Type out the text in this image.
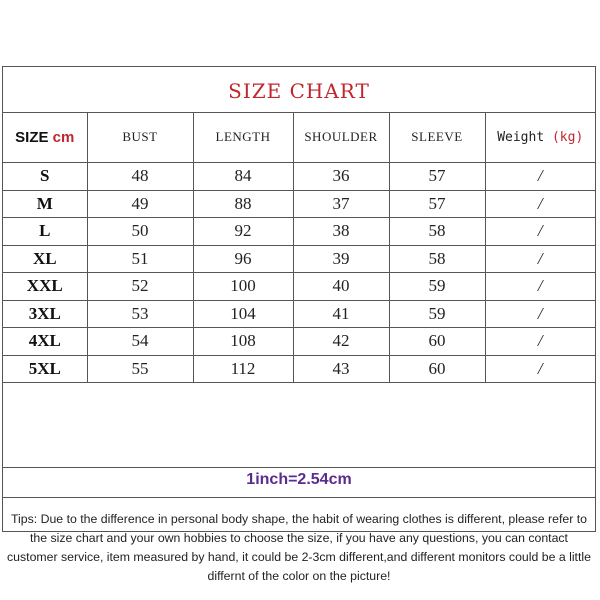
SIZE CHART
SIZE cm	BUST	LENGTH	SHOULDER	SLEEVE	Weight (kg)
S	48	84	36	57	/
M	49	88	37	57	/
L	50	92	38	58	/
XL	51	96	39	58	/
XXL	52	100	40	59	/
3XL	53	104	41	59	/
4XL	54	108	42	60	/
5XL	55	112	43	60	/
1inch=2.54cm
Tips: Due to the difference in personal body shape, the habit of wearing clothes is different, please refer to the size chart and your own hobbies to choose the size, if you have any questions, you can contact customer service, item measured by hand, it could be 2-3cm different,and different monitors could be a little differnt of the color on the picture!
